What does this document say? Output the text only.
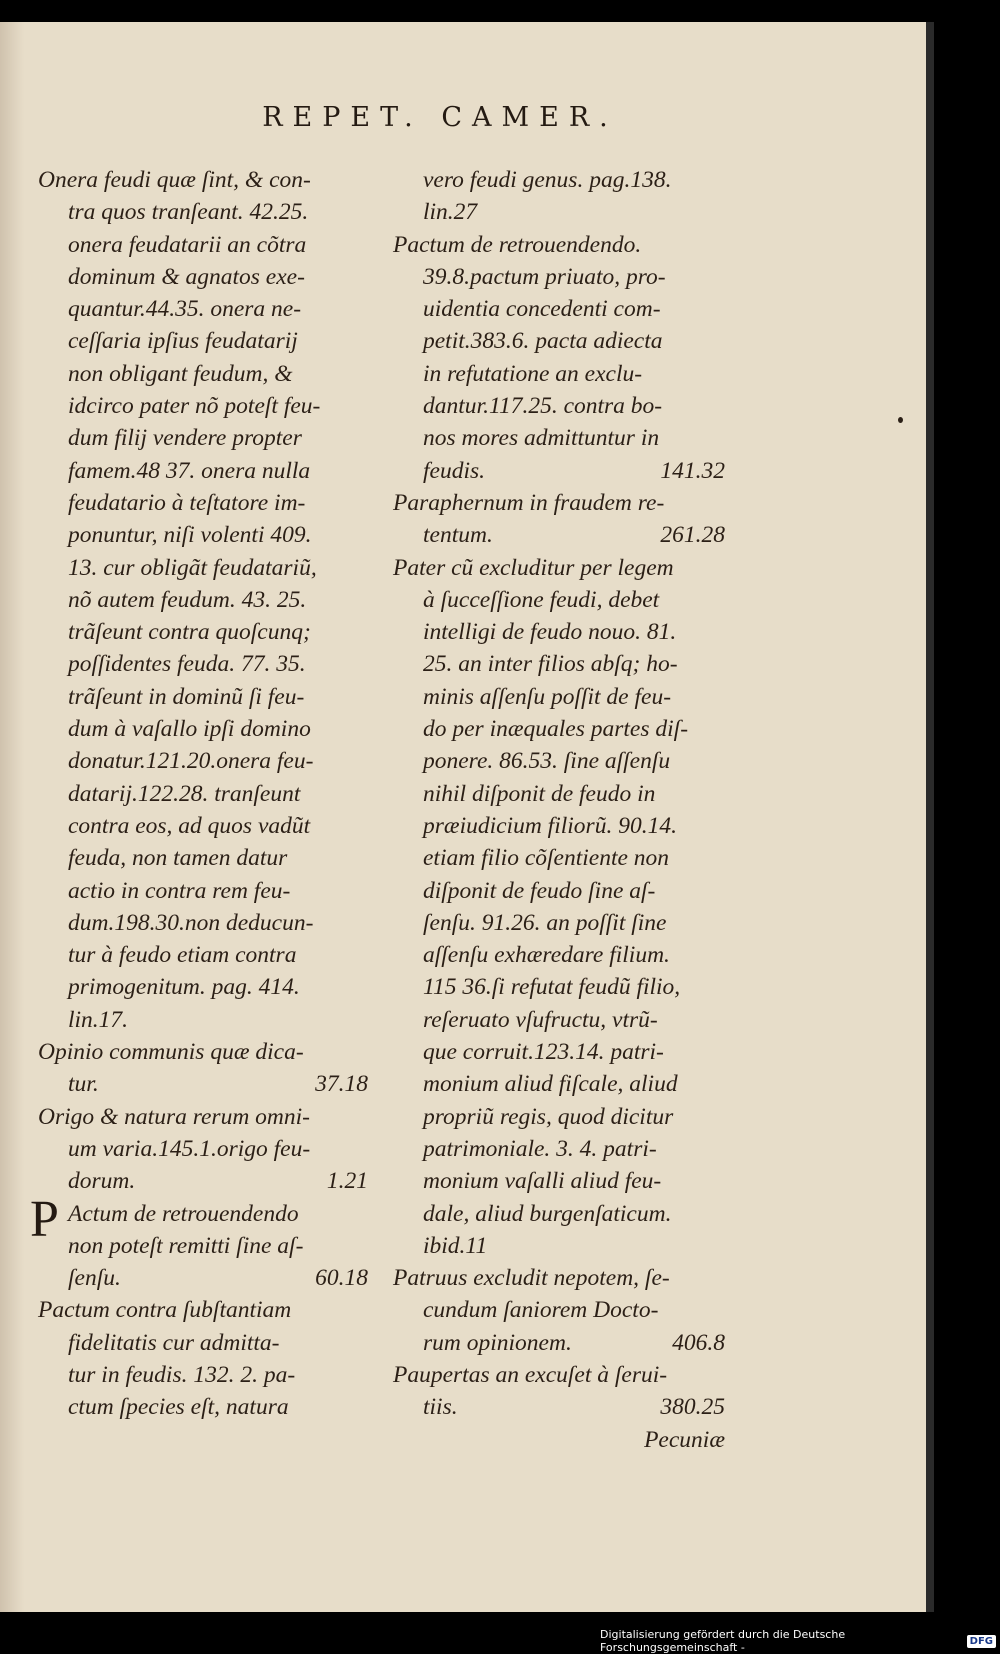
REPET. CAMER.
Onera feudi quæ ſint, & con-
tra quos tranſeant. 42.25.
onera feudatarii an cõtra
dominum & agnatos exe-
quantur.44.35. onera ne-
ceſſaria ipſius feudatarij
non obligant feudum, &
idcirco pater nõ poteſt feu-
dum filij vendere propter
famem.48 37. onera nulla
feudatario à teſtatore im-
ponuntur, niſi volenti 409.
13. cur obligãt feudatariũ,
nõ autem feudum. 43. 25.
trãſeunt contra quoſcunq;
poſſidentes feuda. 77. 35.
trãſeunt in dominũ ſi feu-
dum à vaſallo ipſi domino
donatur.121.20.onera feu-
datarij.122.28. tranſeunt
contra eos, ad quos vadũt
feuda, non tamen datur
actio in contra rem feu-
dum.198.30.non deducun-
tur à feudo etiam contra
primogenitum. pag. 414.
lin.17.
Opinio communis quæ dica-
tur.	37.18
Origo & natura rerum omni-
um varia.145.1.origo feu-
dorum.	1.21
P Actum de retrouendendo
non poteſt remitti ſine aſ-
ſenſu.	60.18
Pactum contra ſubſtantiam
fidelitatis cur admitta-
tur in feudis. 132. 2. pa-
ctum ſpecies eſt, natura
vero feudi genus. pag.138.
lin.27
Pactum de retrouendendo.
39.8.pactum priuato, pro-
uidentia concedenti com-
petit.383.6. pacta adiecta
in refutatione an exclu-
dantur.117.25. contra bo-
nos mores admittuntur in
feudis.	141.32
Paraphernum in fraudem re-
tentum.	261.28
Pater cũ excluditur per legem
à ſucceſſione feudi, debet
intelligi de feudo nouo. 81.
25. an inter filios abſq; ho-
minis aſſenſu poſſit de feu-
do per inæquales partes diſ-
ponere. 86.53. ſine aſſenſu
nihil diſponit de feudo in
præiudicium filiorũ. 90.14.
etiam filio cõſentiente non
diſponit de feudo ſine aſ-
ſenſu. 91.26. an poſſit ſine
aſſenſu exhæredare filium.
115 36.ſi refutat feudũ filio,
reſeruato vſufructu, vtrũ-
que corruit.123.14. patri-
monium aliud fiſcale, aliud
propriũ regis, quod dicitur
patrimoniale. 3. 4. patri-
monium vaſalli aliud feu-
dale, aliud burgenſaticum.
ibid.11
Patruus excludit nepotem, ſe-
cundum ſaniorem Docto-
rum opinionem.	406.8
Paupertas an excuſet à ſerui-
tiis.	380.25
Pecuniæ
Digitalisierung gefördert durch die Deutsche Forschungsgemeinschaft -	DFG
